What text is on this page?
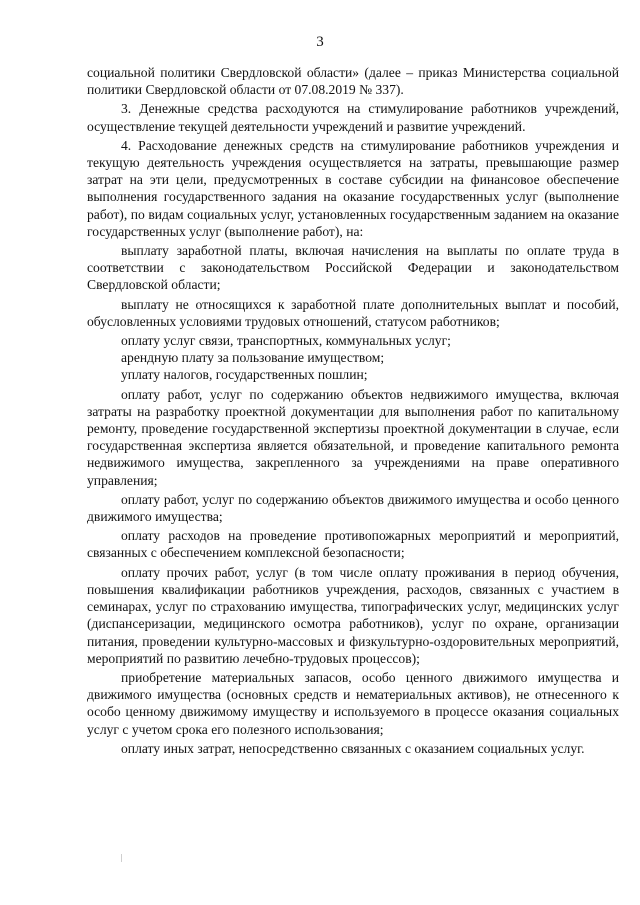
3

социальной политики Свердловской области» (далее – приказ Министерства социальной политики Свердловской области от 07.08.2019 № 337).

3. Денежные средства расходуются на стимулирование работников учреждений, осуществление текущей деятельности учреждений и развитие учреждений.

4. Расходование денежных средств на стимулирование работников учреждения и текущую деятельность учреждения осуществляется на затраты, превышающие размер затрат на эти цели, предусмотренных в составе субсидии на финансовое обеспечение выполнения государственного задания на оказание государственных услуг (выполнение работ), по видам социальных услуг, установленных государственным заданием на оказание государственных услуг (выполнение работ), на:

выплату заработной платы, включая начисления на выплаты по оплате труда в соответствии с законодательством Российской Федерации и законодательством Свердловской области;

выплату не относящихся к заработной плате дополнительных выплат и пособий, обусловленных условиями трудовых отношений, статусом работников;

оплату услуг связи, транспортных, коммунальных услуг;

арендную плату за пользование имуществом;

уплату налогов, государственных пошлин;

оплату работ, услуг по содержанию объектов недвижимого имущества, включая затраты на разработку проектной документации для выполнения работ по капитальному ремонту, проведение государственной экспертизы проектной документации в случае, если государственная экспертиза является обязательной, и проведение капитального ремонта недвижимого имущества, закрепленного за учреждениями на праве оперативного управления;

оплату работ, услуг по содержанию объектов движимого имущества и особо ценного движимого имущества;

оплату расходов на проведение противопожарных мероприятий и мероприятий, связанных с обеспечением комплексной безопасности;

оплату прочих работ, услуг (в том числе оплату проживания в период обучения, повышения квалификации работников учреждения, расходов, связанных с участием в семинарах, услуг по страхованию имущества, типографических услуг, медицинских услуг (диспансеризации, медицинского осмотра работников), услуг по охране, организации питания, проведении культурно-массовых и физкультурно-оздоровительных мероприятий, мероприятий по развитию лечебно-трудовых процессов);

приобретение материальных запасов, особо ценного движимого имущества и движимого имущества (основных средств и нематериальных активов), не отнесенного к особо ценному движимому имуществу и используемого в процессе оказания социальных услуг с учетом срока его полезного использования;

оплату иных затрат, непосредственно связанных с оказанием социальных услуг.
